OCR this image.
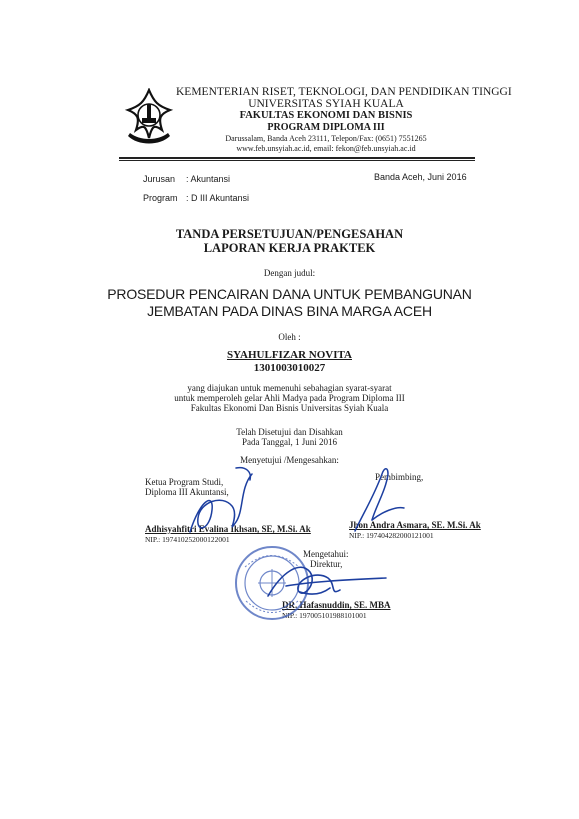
KEMENTERIAN RISET, TEKNOLOGI, DAN PENDIDIKAN TINGGI
UNIVERSITAS SYIAH KUALA
FAKULTAS EKONOMI DAN BISNIS
PROGRAM DIPLOMA III
Darussalam, Banda Aceh 23111, Telepon/Fax: (0651) 7551265
www.feb.unsyiah.ac.id, email: fekon@feb.unsyiah.ac.id
Jurusan : Akuntansi
Program : D III Akuntansi
Banda Aceh, Juni 2016
TANDA PERSETUJUAN/PENGESAHAN
LAPORAN KERJA PRAKTEK
Dengan judul:
PROSEDUR PENCAIRAN DANA UNTUK PEMBANGUNAN
JEMBATAN PADA DINAS BINA MARGA ACEH
Oleh :
SYAHULFIZAR NOVITA
1301003010027
yang diajukan untuk memenuhi sebahagian syarat-syarat
untuk memperoleh gelar Ahli Madya pada Program Diploma III
Fakultas Ekonomi Dan Bisnis Universitas Syiah Kuala
Telah Disetujui dan Disahkan
Pada Tanggal, 1 Juni 2016
Menyetujui /Mengesahkan:
Ketua Program Studi,
Diploma III Akuntansi,
Adhisyahfitri Evalina Ikhsan, SE, M.Si. Ak
NIP.: 197410252000122001
Pembimbing,
Jhon Andra Asmara, SE. M.Si. Ak
NIP.: 197404282000121001
Mengetahui:
Direktur,
DR. Hafasnuddin, SE. MBA
NIP.: 197005101988101001
